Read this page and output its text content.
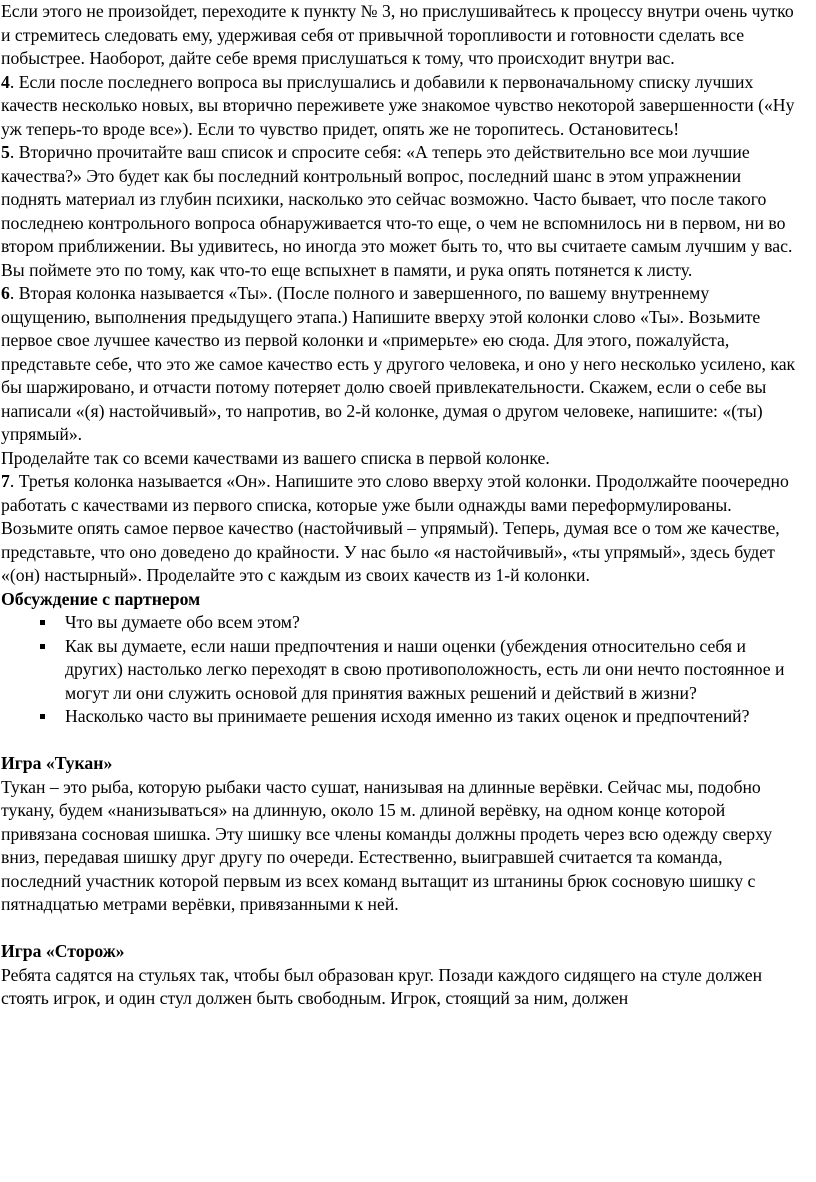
Если этого не произойдет, переходите к пункту № 3, но прислушивайтесь к процессу внутри очень чутко и стремитесь следовать ему, удерживая себя от привычной торопливости и готовности сделать все побыстрее. Наоборот, дайте себе время прислушаться к тому, что происходит внутри вас.

4. Если после последнего вопроса вы прислушались и добавили к первоначальному списку лучших качеств несколько новых, вы вторично переживете уже знакомое чувство некоторой завершенности («Ну уж теперь-то вроде все»). Если то чувство придет, опять же не торопитесь. Остановитесь!

5. Вторично прочитайте ваш список и спросите себя: «А теперь это действительно все мои лучшие качества?» Это будет как бы последний контрольный вопрос, последний шанс в этом упражнении поднять материал из глубин психики, насколько это сейчас возможно. Часто бывает, что после такого последнею контрольного вопроса обнаруживается что-то еще, о чем не вспомнилось ни в первом, ни во втором приближении. Вы удивитесь, но иногда это может быть то, что вы считаете самым лучшим у вас. Вы поймете это по тому, как что-то еще вспыхнет в памяти, и рука опять потянется к листу.

6. Вторая колонка называется «Ты». (После полного и завершенного, по вашему внутреннему ощущению, выполнения предыдущего этапа.) Напишите вверху этой колонки слово «Ты». Возьмите первое свое лучшее качество из первой колонки и «примерьте» ею сюда. Для этого, пожалуйста, представьте себе, что это же самое качество есть у другого человека, и оно у него несколько усилено, как бы шаржировано, и отчасти потому потеряет долю своей привлекательности. Скажем, если о себе вы написали «(я) настойчивый», то напротив, во 2-й колонке, думая о другом человеке, напишите: «(ты) упрямый».

Проделайте так со всеми качествами из вашего списка в первой колонке.

7. Третья колонка называется «Он». Напишите это слово вверху этой колонки. Продолжайте поочередно работать с качествами из первого списка, которые уже были однажды вами переформулированы. Возьмите опять самое первое качество (настойчивый – упрямый). Теперь, думая все о том же качестве, представьте, что оно доведено до крайности. У нас было «я настойчивый», «ты упрямый», здесь будет «(он) настырный». Проделайте это с каждым из своих качеств из 1-й колонки.

Обсуждение с партнером

Что вы думаете обо всем этом?
Как вы думаете, если наши предпочтения и наши оценки (убеждения относительно себя и других) настолько легко переходят в свою противоположность, есть ли они нечто постоянное и могут ли они служить основой для принятия важных решений и действий в жизни?
Насколько часто вы принимаете решения исходя именно из таких оценок и предпочтений?

Игра «Тукан»

Тукан – это рыба, которую рыбаки часто сушат, нанизывая на длинные верёвки. Сейчас мы, подобно тукану, будем «нанизываться» на длинную, около 15 м. длиной верёвку, на одном конце которой привязана сосновая шишка. Эту шишку все члены команды должны продеть через всю одежду сверху вниз, передавая шишку друг другу по очереди. Естественно, выигравшей считается та команда, последний участник которой первым из всех команд вытащит из штанины брюк сосновую шишку с пятнадцатью метрами верёвки, привязанными к ней.

Игра «Сторож»

Ребята садятся на стульях так, чтобы был образован круг. Позади каждого сидящего на стуле должен стоять игрок, и один стул должен быть свободным. Игрок, стоящий за ним, должен
